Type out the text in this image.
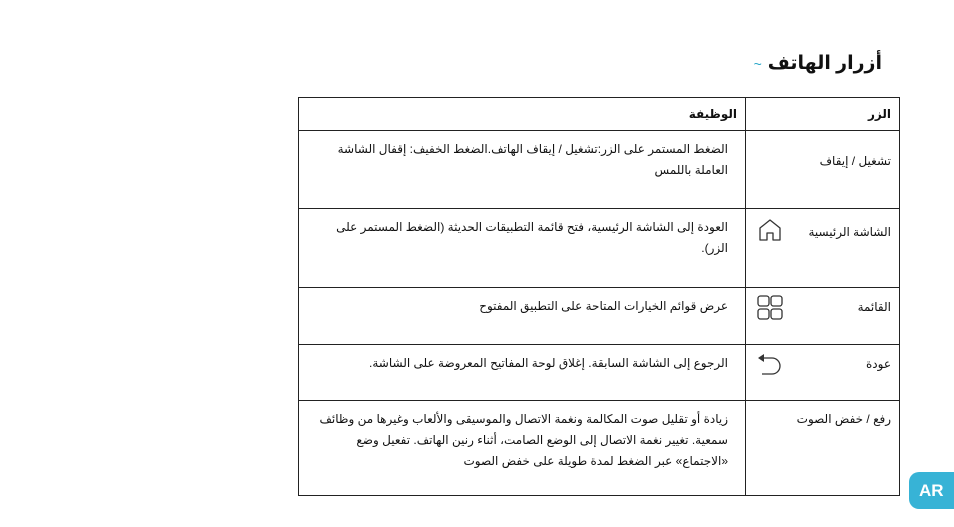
أزرار الهاتف
~
الزر	الوظيفة

تشغيل / إيقاف	الضغط المستمر على الزر:تشغيل / إيقاف الهاتف.الضغط الخفيف: إقفال الشاشة العاملة باللمس

الشاشة الرئيسية	العودة إلى الشاشة الرئيسية، فتح قائمة التطبيقات الحديثة (الضغط المستمر على الزر).

القائمة	عرض قوائم الخيارات المتاحة على التطبيق المفتوح

عودة	الرجوع إلى الشاشة السابقة. إغلاق لوحة المفاتيح المعروضة على الشاشة.

رفع / خفض الصوت	زيادة أو تقليل صوت المكالمة ونغمة الاتصال والموسيقى والألعاب وغيرها من وظائف سمعية. تغيير نغمة الاتصال إلى الوضع الصامت، أثناء رنين الهاتف. تفعيل وضع «الاجتماع» عبر الضغط لمدة طويلة على خفض الصوت
AR
